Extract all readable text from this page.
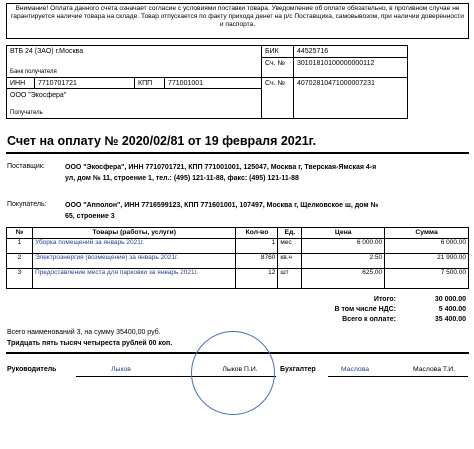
Внимание! Оплата данного счета означает согласие с условиями поставки товара. Уведомление об оплате обязательно, в противном случае не гарантируется наличие товара на складе. Товар отпускается по факту прихода денег на р/с Поставщика, самовывозом, при наличии доверенности и паспорта.
ВТБ 24 (ЗАО) г.Москва
Банк получателя
БИК	44525716
Сч. № 30101810100000000112
ИНН 7710701721	КПП 771001001	Сч. № 40702810471000007231
ООО "Экосфера"
Получатель
Счет на оплату № 2020/02/81 от 19 февраля 2021г.
Поставщик:	ООО "Экосфера", ИНН 7710701721, КПП 771001001, 125047, Москва г, Тверская-Ямская 4-я
ул, дом № 11, строение 1, тел.: (495) 121-11-88, факс: (495) 121-11-88
Покупатель:	ООО "Апполон", ИНН 7716599123, КПП 771601001, 107497, Москва г, Щелковское ш, дом №
65, строение 3
№	Товары (работы, услуги)	Кол-во	Ед.	Цена	Сумма
1	Уборка помещений за январь 2021г.	1	мес	6 000.00	6 000.00
2	Электроэнергия (возмещение) за январь 2021г.	8760	кв.ч	2.50	21 900.00
3	Предоставление места для парковки за январь 2021г.	12	шт	625.00	7 500.00
Итого:	30 000.00
В том числе НДС:	5 400.00
Всего к оплате:	35 400.00
Всего наименований 3, на сумму 35400,00 руб.
Тридцать пять тысяч четыреста рублей 00 коп.
Руководитель	Лыков	Лыков П.И.	Бухгалтер	Маслова	Маслова Т.И.
